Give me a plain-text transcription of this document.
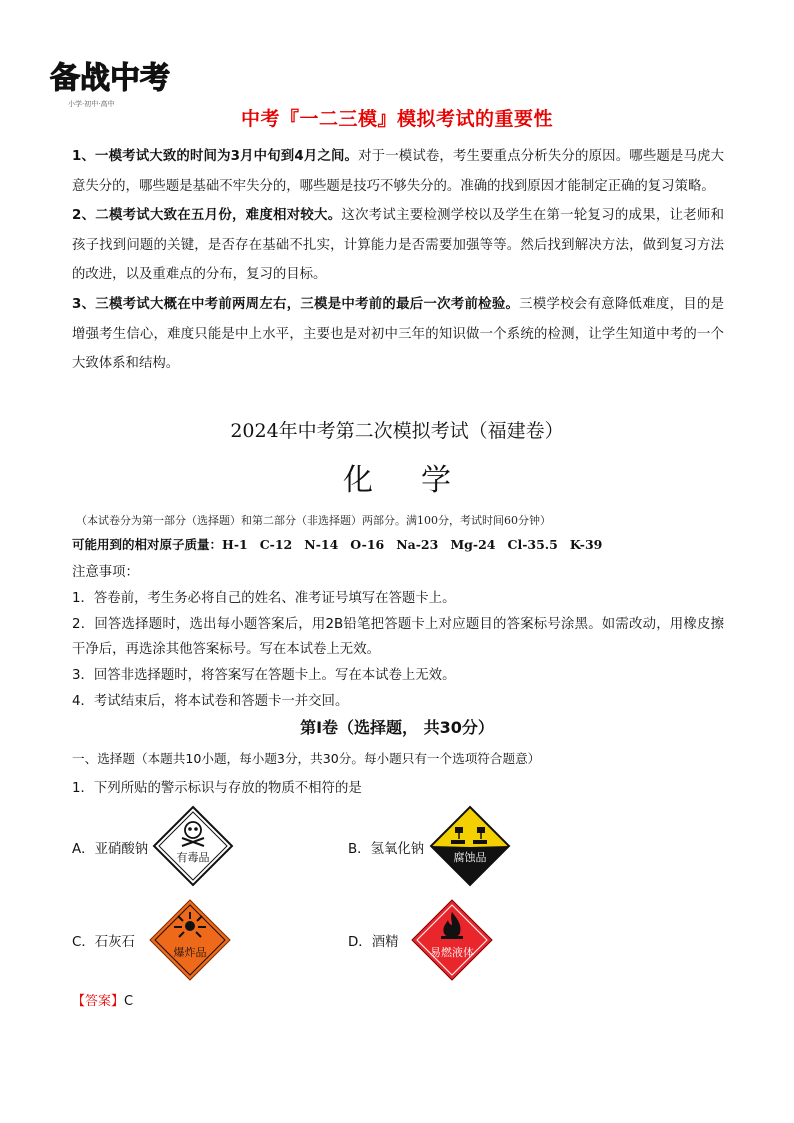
备战中考
小学·初中·高中
中考『一二三模』模拟考试的重要性

1、一模考试大致的时间为3月中旬到4月之间。对于一模试卷，考生要重点分析失分的原因。哪些题是马虎大意失分的，哪些题是基础不牢失分的，哪些题是技巧不够失分的。准确的找到原因才能制定正确的复习策略。

2、二模考试大致在五月份，难度相对较大。这次考试主要检测学校以及学生在第一轮复习的成果，让老师和孩子找到问题的关键，是否存在基础不扎实，计算能力是否需要加强等等。然后找到解决方法，做到复习方法的改进，以及重难点的分布，复习的目标。

3、三模考试大概在中考前两周左右，三模是中考前的最后一次考前检验。三模学校会有意降低难度，目的是增强考生信心，难度只能是中上水平，主要也是对初中三年的知识做一个系统的检测，让学生知道中考的一个大致体系和结构。

2024年中考第二次模拟考试（福建卷）
化学
（本试卷分为第一部分（选择题）和第二部分（非选择题）两部分。满100分，考试时间60分钟）
可能用到的相对原子质量：H-1 C-12 N-14 O-16 Na-23 Mg-24 Cl-35.5 K-39

注意事项：

1．答卷前，考生务必将自己的姓名、准考证号填写在答题卡上。

2．回答选择题时，选出每小题答案后，用2B铅笔把答题卡上对应题目的答案标号涂黑。如需改动，用橡皮擦干净后，再选涂其他答案标号。写在本试卷上无效。

3．回答非选择题时，将答案写在答题卡上。写在本试卷上无效。

4．考试结束后，将本试卷和答题卡一并交回。

第Ⅰ卷（选择题， 共30分）
一、选择题（本题共10小题，每小题3分，共30分。每小题只有一个选项符合题意）
1．下列所贴的警示标识与存放的物质不相符的是
A．亚硝酸钠
有毒品
B．氢氧化钠
腐蚀品
C．石灰石
爆炸品
D．酒精
易燃液体
【答案】C
